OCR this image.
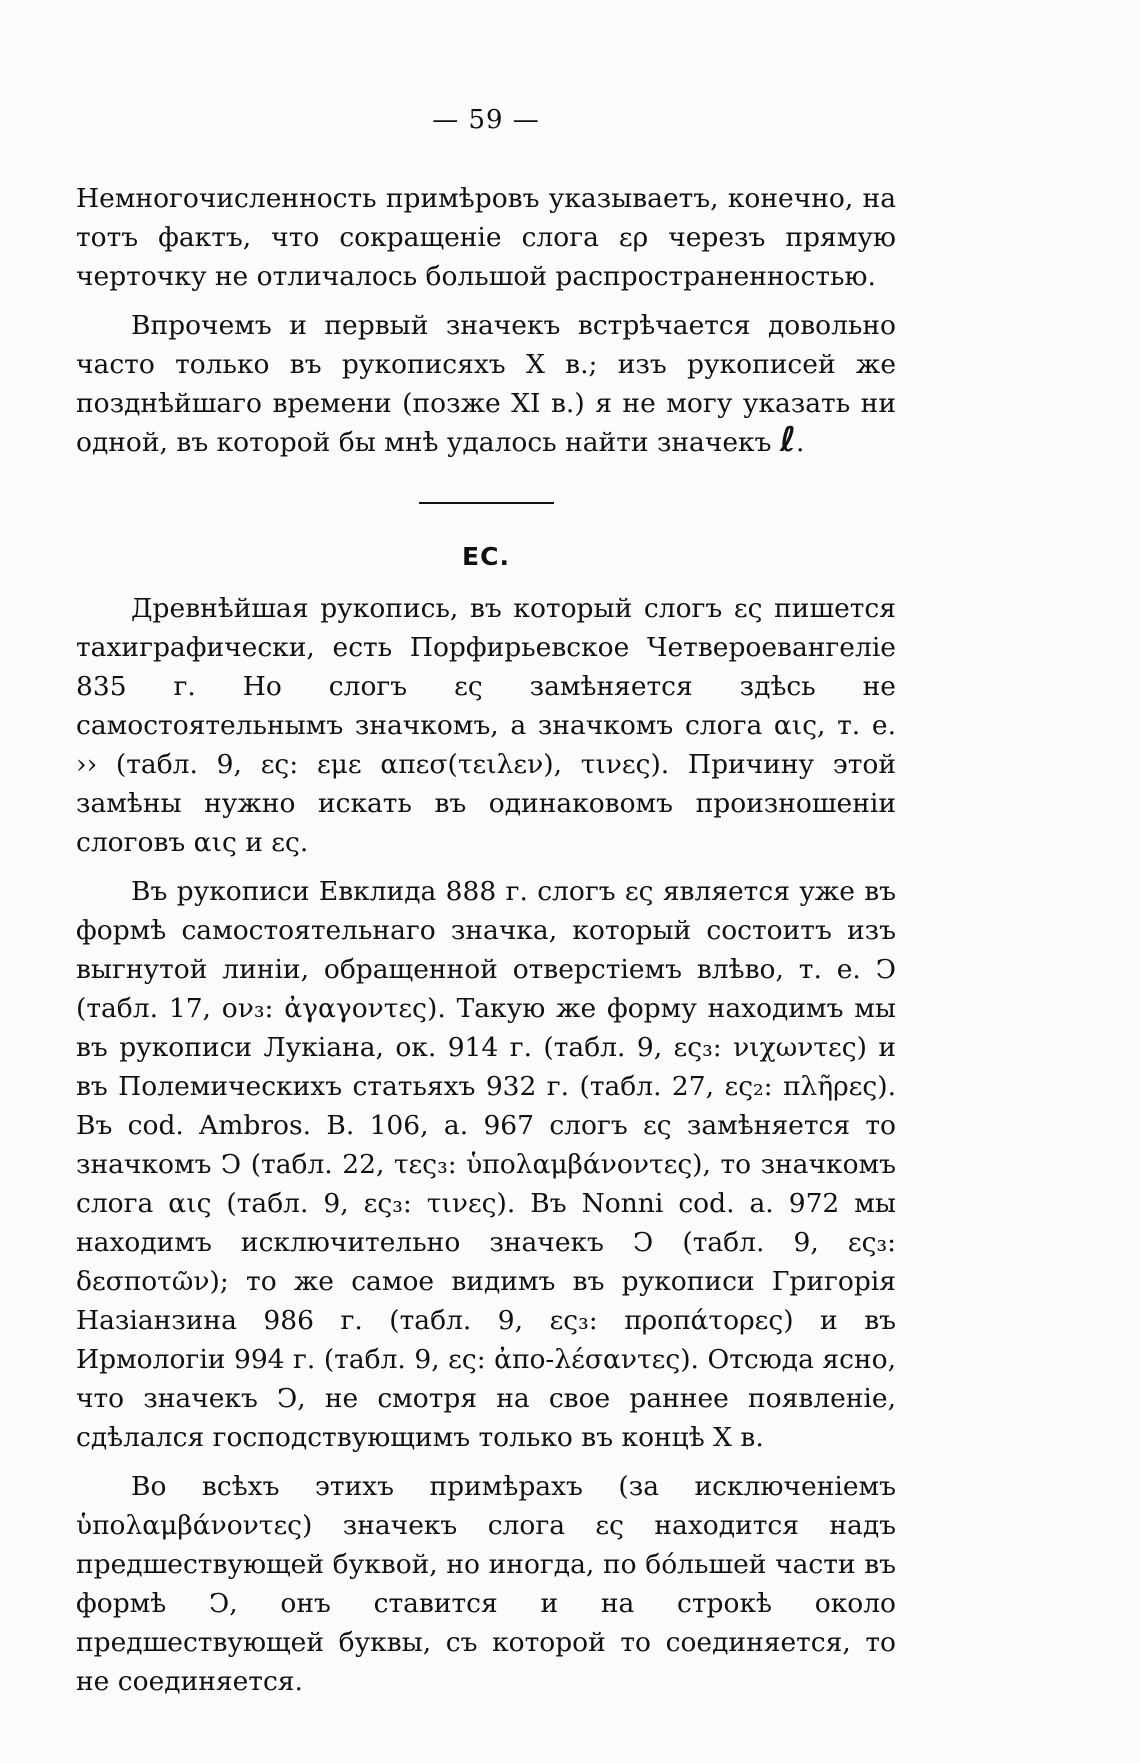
— 59 —

Немногочисленность примѣровъ указываетъ, конечно, на тотъ фактъ, что сокращеніе слога ερ черезъ прямую черточку не отличалось большой распространенностью.

Впрочемъ и первый значекъ встрѣчается довольно часто только въ рукописяхъ X в.; изъ рукописей же позднѣйшаго времени (позже XI в.) я не могу указать ни одной, въ которой бы мнѣ удалось найти значекъ ℓ.

ΕС.

Древнѣйшая рукопись, въ который слогъ ες пишется тахиграфически, есть Порфирьевское Четвероевангеліе 835 г. Но слогъ ες замѣняется здѣсь не самостоятельнымъ значкомъ, а значкомъ слога αις, т. е. ›› (табл. 9, ες: εμε απεσ(τειλεν), τινες). Причину этой замѣны нужно искать въ одинаковомъ произношеніи слоговъ αις и ες.

Въ рукописи Евклида 888 г. слогъ ες является уже въ формѣ самостоятельнаго значка, который состоитъ изъ выгнутой линіи, обращенной отверстіемъ влѣво, т. е. Ͻ (табл. 17, ον₃: ἀγαγοντες). Такую же форму находимъ мы въ рукописи Лукіана, ок. 914 г. (табл. 9, ες₃: νιχωντες) и въ Полемическихъ статьяхъ 932 г. (табл. 27, ες₂: πλῆρες). Въ cod. Ambros. B. 106, a. 967 слогъ ες замѣняется то значкомъ Ͻ (табл. 22, τες₃: ὑπολαμβάνοντες), то значкомъ слога αις (табл. 9, ες₃: τινες). Въ Nonni cod. a. 972 мы находимъ исключительно значекъ Ͻ (табл. 9, ες₃: δεσποτῶν); то же самое видимъ въ рукописи Григорія Назіанзина 986 г. (табл. 9, ες₃: προπάτορες) и въ Ирмологіи 994 г. (табл. 9, ες: ἀπο-λέσαντες). Отсюда ясно, что значекъ Ͻ, не смотря на свое раннее появленіе, сдѣлался господствующимъ только въ концѣ X в.

Во всѣхъ этихъ примѣрахъ (за исключеніемъ ὑπολαμβάνοντες) значекъ слога ες находится надъ предшествующей буквой, но иногда, по бо́льшей части въ формѣ Ͻ, онъ ставится и на строкѣ около предшествующей буквы, съ которой то соединяется, то не соединяется.
